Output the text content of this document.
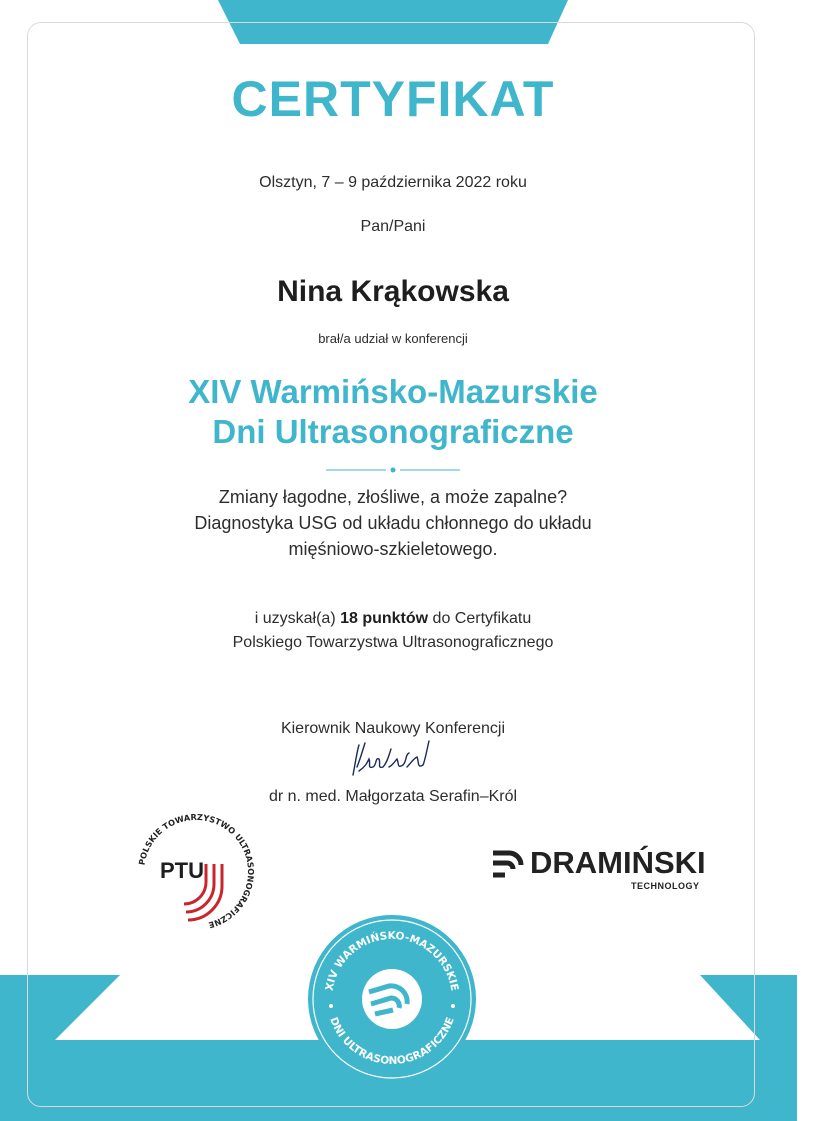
CERTYFIKAT
Olsztyn, 7 – 9 października 2022 roku
Pan/Pani
Nina Krąkowska
brał/a udział w konferencji
XIV Warmińsko-Mazurskie
Dni Ultrasonograficzne
Zmiany łagodne, złośliwe, a może zapalne?
Diagnostyka USG od układu chłonnego do układu
mięśniowo-szkieletowego.
i uzyskał(a) 18 punktów do Certyfikatu
Polskiego Towarzystwa Ultrasonograficznego
Kierownik Naukowy Konferencji
dr n. med. Małgorzata Serafin–Król
POLSKIE TOWARZYSTWO ULTRASONOGRAFICZNE
PTU	DRAMIŃSKI
TECHNOLOGY
XIV WARMIŃSKO-MAZURSKIE
DNI ULTRASONOGRAFICZNE
